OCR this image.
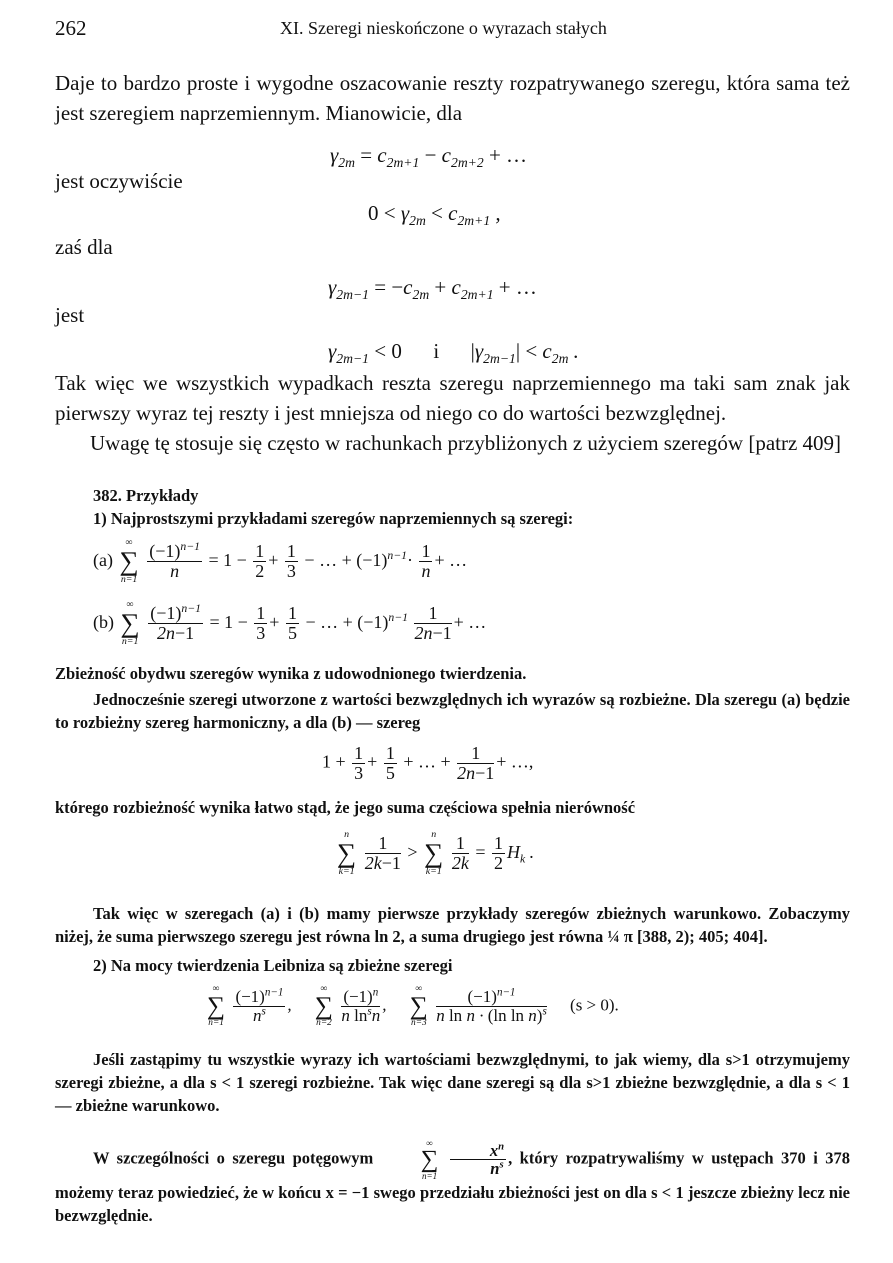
262	XI. Szeregi nieskończone o wyrazach stałych
Daje to bardzo proste i wygodne oszacowanie reszty rozpatrywanego szeregu, która sama też jest szeregiem naprzemiennym. Mianowicie, dla
$\gamma_{2m} = c_{2m+1} - c_{2m+2}$ + …
jest oczywiście
$0 < \gamma_{2m} < c_{2m+1}$ ,
zaś dla
$\gamma_{2m-1} = -c_{2m} + c_{2m+1}$ + …
jest
$\gamma_{2m-1} < 0$      i      $|\gamma_{2m-1}| < c_{2m}$ .
Tak więc we wszystkich wypadkach reszta szeregu naprzemiennego ma taki sam znak jak pierwszy wyraz tej reszty i jest mniejsza od niego co do wartości bezwzględnej.
Uwagę tę stosuje się często w rachunkach przybliżonych z użyciem szeregów [patrz 409]
382. Przykłady
1) Najprostszymi przykładami szeregów naprzemiennych są szeregi:
(a)
∞
∑
n=1
$\frac{(-1)^{n-1}}{n} = 1 - \frac{1}{2} + \frac{1}{3}$ − … + $(-1)^{n-1}\cdot \frac{1}{n}$ + …
(b)
∞
∑
n=1
$\frac{(-1)^{n-1}}{2n-1} = 1 - \frac{1}{3} + \frac{1}{5}$ − … + $(-1)^{n-1} \frac{1}{2n-1}$ + …
Zbieżność obydwu szeregów wynika z udowodnionego twierdzenia.
Jednocześnie szeregi utworzone z wartości bezwzględnych ich wyrazów są rozbieżne. Dla szeregu (a) będzie to rozbieżny szereg harmoniczny, a dla (b) — szereg
$1 + \frac{1}{3} + \frac{1}{5}$ + … + $\frac{1}{2n-1}$ + …,
którego rozbieżność wynika łatwo stąd, że jego suma częściowa spełnia nierówność
n
∑
k=1
$\frac{1}{2k-1}$ >
n
∑
k=1
$\frac{1}{2k} = \frac{1}{2} H_k$ .
Tak więc w szeregach (a) i (b) mamy pierwsze przykłady szeregów zbieżnych warunkowo. Zobaczymy niżej, że suma pierwszego szeregu jest równa ln 2, a suma drugiego jest równa ¼ π [388, 2); 405; 404].
2) Na mocy twierdzenia Leibniza są zbieżne szeregi
∞
∑
n=1
$\frac{(-1)^{n-1}}{n^s}$ ,
∞
∑
n=2
$\frac{(-1)^n}{n \ln^sn}$ ,
∞
∑
n=3
$\frac{(-1)^{n-1}}{n \ln n \cdot (\ln \ln n)^s} (s > 0)$.
Jeśli zastąpimy tu wszystkie wyrazy ich wartościami bezwzględnymi, to jak wiemy, dla s>1 otrzymujemy szeregi zbieżne, a dla s < 1 szeregi rozbieżne. Tak więc dane szeregi są dla s>1 zbieżne bezwzględnie, a dla s < 1 — zbieżne warunkowo.
W szczególności o szeregu potęgowym
∞
∑
n=1
$\frac{x^n}{n^s}$ , który rozpatrywaliśmy w ustępach 370 i 378 możemy teraz powiedzieć, że w końcu x = −1 swego przedziału zbieżności jest on dla s < 1 jeszcze zbieżny lecz nie bezwzględnie.
